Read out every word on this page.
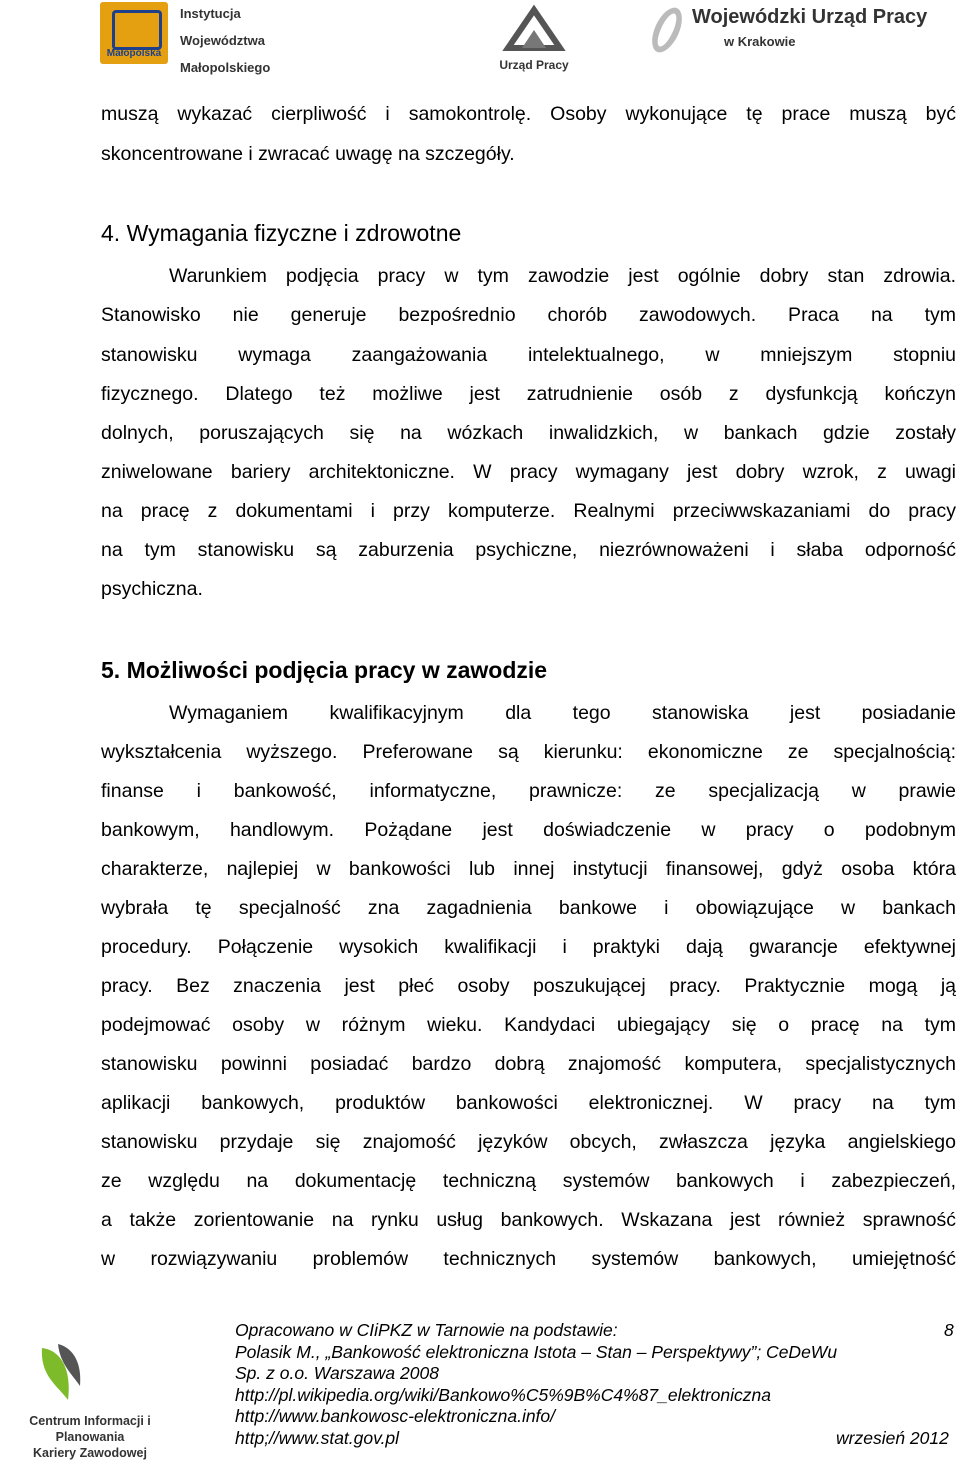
Małopolska
Instytucja
Województwa
Małopolskiego	Urząd Pracy
Wojewódzki Urząd Pracy
w Krakowie
muszą wykazać cierpliwość i samokontrolę. Osoby wykonujące tę prace muszą być
skoncentrowane i zwracać uwagę na szczegóły.
4. Wymagania fizyczne i zdrowotne
Warunkiem podjęcia pracy w tym zawodzie jest ogólnie dobry stan zdrowia.
Stanowisko nie generuje bezpośrednio chorób zawodowych. Praca na tym
stanowisku wymaga zaangażowania intelektualnego, w mniejszym stopniu
fizycznego. Dlatego też możliwe jest zatrudnienie osób z dysfunkcją kończyn
dolnych, poruszających się na wózkach inwalidzkich, w bankach gdzie zostały
zniwelowane bariery architektoniczne. W pracy wymagany jest dobry wzrok, z uwagi
na pracę z dokumentami i przy komputerze. Realnymi przeciwwskazaniami do pracy
na tym stanowisku są zaburzenia psychiczne, niezrównoważeni i słaba odporność
psychiczna.
5. Możliwości podjęcia pracy w zawodzie
Wymaganiem kwalifikacyjnym dla tego stanowiska jest posiadanie
wykształcenia wyższego. Preferowane są kierunku: ekonomiczne ze specjalnością:
finanse i bankowość, informatyczne, prawnicze: ze specjalizacją w prawie
bankowym, handlowym. Pożądane jest doświadczenie w pracy o podobnym
charakterze, najlepiej w bankowości lub innej instytucji finansowej, gdyż osoba która
wybrała tę specjalność zna zagadnienia bankowe i obowiązujące w bankach
procedury. Połączenie wysokich kwalifikacji i praktyki dają gwarancje efektywnej
pracy. Bez znaczenia jest płeć osoby poszukującej pracy. Praktycznie mogą ją
podejmować osoby w różnym wieku. Kandydaci ubiegający się o pracę na tym
stanowisku powinni posiadać bardzo dobrą znajomość komputera, specjalistycznych
aplikacji bankowych, produktów bankowości elektronicznej. W pracy na tym
stanowisku przydaje się znajomość języków obcych, zwłaszcza języka angielskiego
ze względu na dokumentację techniczną systemów bankowych i zabezpieczeń,
a także zorientowanie na rynku usług bankowych. Wskazana jest również sprawność
w rozwiązywaniu problemów technicznych systemów bankowych, umiejętność
Centrum Informacji i Planowania
Kariery Zawodowej
Opracowano w CIiPKZ w Tarnowie na podstawie:
Polasik M., „Bankowość elektroniczna Istota – Stan – Perspektywy”; CeDeWu
Sp. z o.o. Warszawa 2008
http://pl.wikipedia.org/wiki/Bankowo%C5%9B%C4%87_elektroniczna
http://www.bankowosc-elektroniczna.info/
http;//www.stat.gov.pl
8
wrzesień 2012
